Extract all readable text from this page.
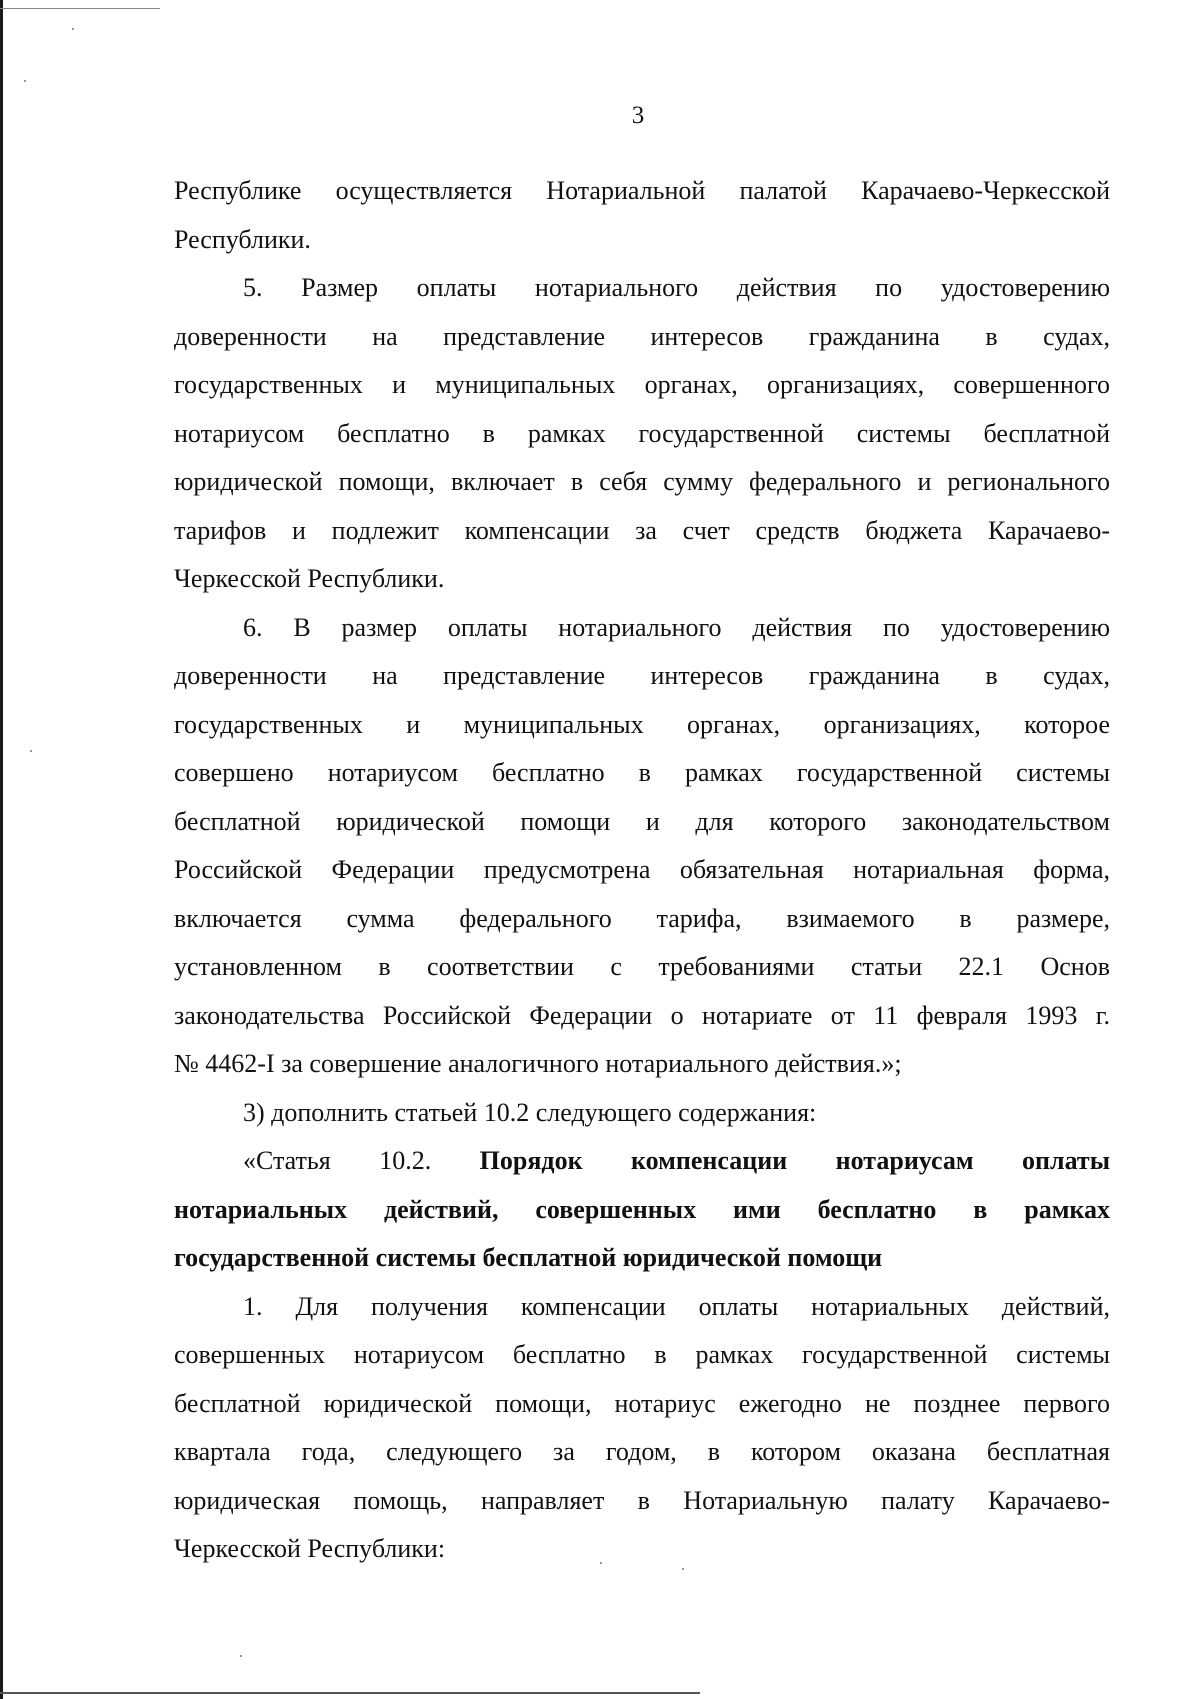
3
Республике осуществляется Нотариальной палатой Карачаево-Черкесской
Республики.
5. Размер оплаты нотариального действия по удостоверению
доверенности на представление интересов гражданина в судах,
государственных и муниципальных органах, организациях, совершенного
нотариусом бесплатно в рамках государственной системы бесплатной
юридической помощи, включает в себя сумму федерального и регионального
тарифов и подлежит компенсации за счет средств бюджета Карачаево-
Черкесской Республики.
6. В размер оплаты нотариального действия по удостоверению
доверенности на представление интересов гражданина в судах,
государственных и муниципальных органах, организациях, которое
совершено нотариусом бесплатно в рамках государственной системы
бесплатной юридической помощи и для которого законодательством
Российской Федерации предусмотрена обязательная нотариальная форма,
включается сумма федерального тарифа, взимаемого в размере,
установленном в соответствии с требованиями статьи 22.1 Основ
законодательства Российской Федерации о нотариате от 11 февраля 1993 г.
№ 4462-I за совершение аналогичного нотариального действия.»;
3) дополнить статьей 10.2 следующего содержания:
«Статья 10.2. Порядок компенсации нотариусам оплаты
нотариальных действий, совершенных ими бесплатно в рамках
государственной системы бесплатной юридической помощи
1. Для получения компенсации оплаты нотариальных действий,
совершенных нотариусом бесплатно в рамках государственной системы
бесплатной юридической помощи, нотариус ежегодно не позднее первого
квартала года, следующего за годом, в котором оказана бесплатная
юридическая помощь, направляет в Нотариальную палату Карачаево-
Черкесской Республики:
